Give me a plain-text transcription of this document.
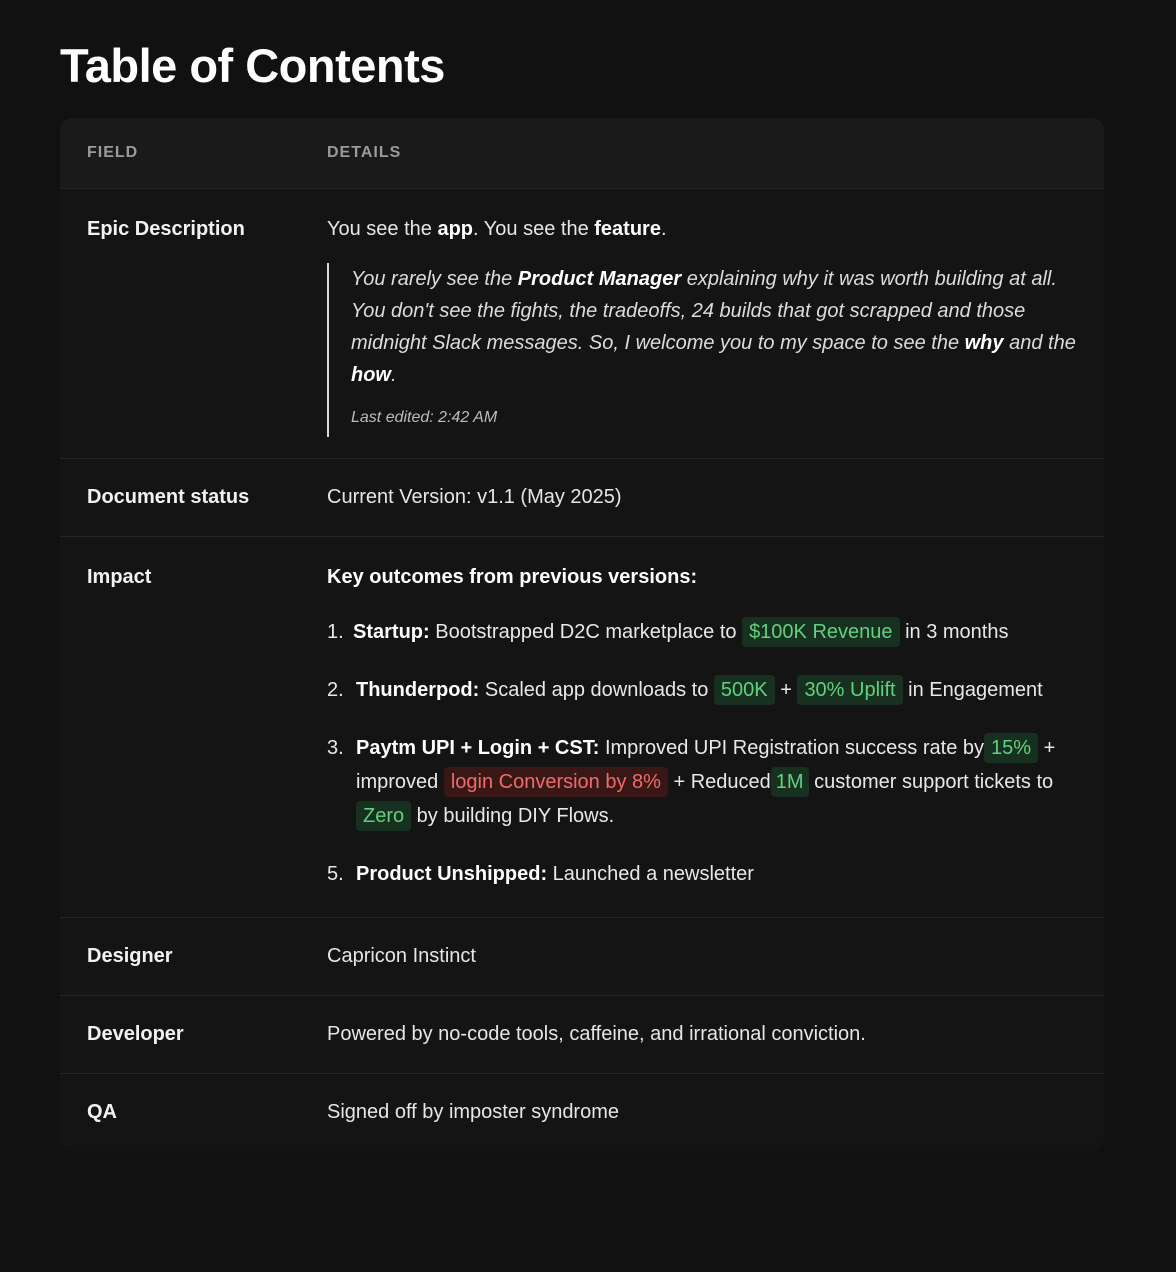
Table of Contents
FIELD	DETAILS
Epic Description	You see the app. You see the feature.
You rarely see the Product Manager explaining why it was worth building at all. You don't see the fights, the tradeoffs, 24 builds that got scrapped and those midnight Slack messages. So, I welcome you to my space to see the why and the how.
Last edited: 2:42 AM
Document status	Current Version: v1.1 (May 2025)
Impact	Key outcomes from previous versions:
1. Startup: Bootstrapped D2C marketplace to $100K Revenue in 3 months
2. Thunderpod: Scaled app downloads to 500K + 30% Uplift in Engagement
3. Paytm UPI + Login + CST: Improved UPI Registration success rate by 15% + improved login Conversion by 8% + Reduced 1M customer support tickets to Zero by building DIY Flows.
5. Product Unshipped: Launched a newsletter
Designer	Capricon Instinct
Developer	Powered by no-code tools, caffeine, and irrational conviction.
QA	Signed off by imposter syndrome
